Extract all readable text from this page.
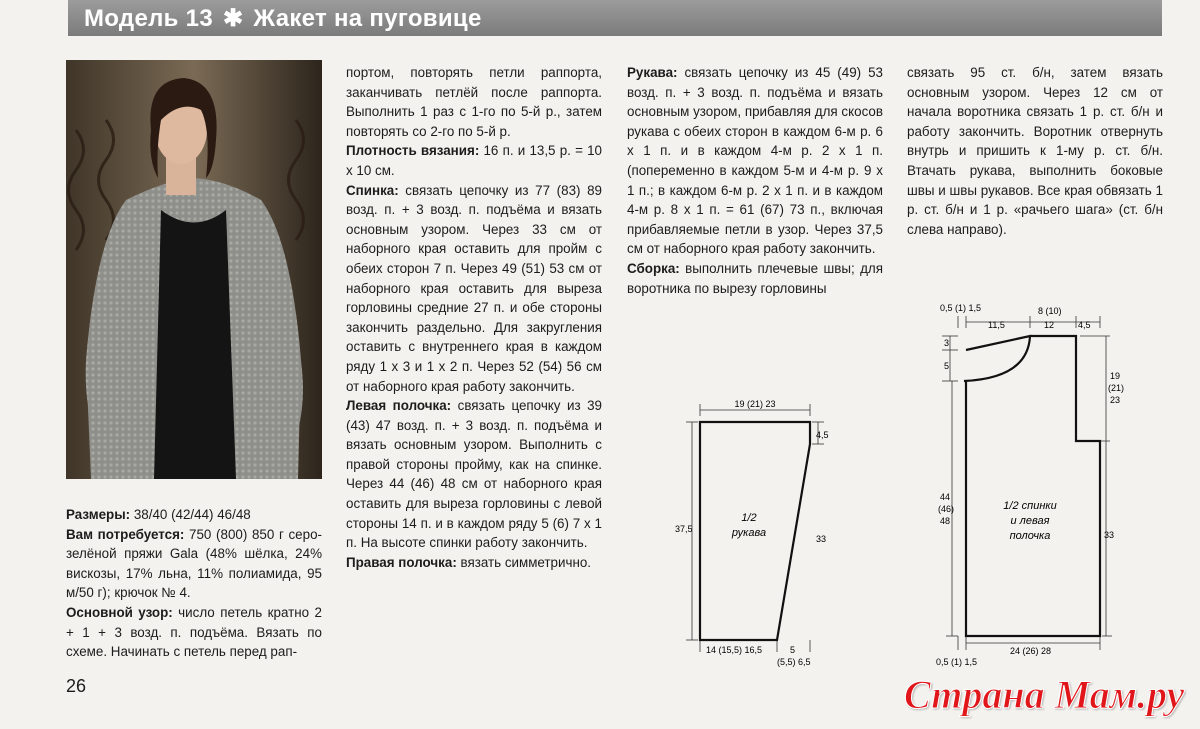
Модель 13 ✱ Жакет на пуговице

Размеры: 38/40 (42/44) 46/48

Вам потребуется: 750 (800) 850 г серо-зелёной пряжи Gala (48% шёлка, 24% вискозы, 17% льна, 11% полиамида, 95 м/50 г); крючок № 4.

Основной узор: число петель кратно 2 + 1 + 3 возд. п. подъёма. Вязать по схеме. Начинать с петель перед рап-

портом, повторять петли раппорта, заканчивать петлёй после раппорта. Выполнить 1 раз с 1-го по 5-й р., затем повторять со 2-го по 5-й р.

Плотность вязания: 16 п. и 13,5 р. = 10 х 10 см.

Спинка: связать цепочку из 77 (83) 89 возд. п. + 3 возд. п. подъёма и вязать основным узором. Через 33 см от наборного края оставить для пройм с обеих сторон 7 п. Через 49 (51) 53 см от наборного края оставить для выреза горловины средние 27 п. и обе стороны закончить раздельно. Для закругления оставить с внутреннего края в каждом ряду 1 х 3 и 1 х 2 п. Через 52 (54) 56 см от наборного края работу закончить.

Левая полочка: связать цепочку из 39 (43) 47 возд. п. + 3 возд. п. подъёма и вязать основным узором. Выполнить с правой стороны пройму, как на спинке. Через 44 (46) 48 см от наборного края оставить для выреза горловины с левой стороны 14 п. и в каждом ряду 5 (6) 7 х 1 п. На высоте спинки работу закончить.

Правая полочка: вязать симметрично.

Рукава: связать цепочку из 45 (49) 53 возд. п. + 3 возд. п. подъёма и вязать основным узором, прибавляя для скосов рукава с обеих сторон в каждом 6-м р. 6 х 1 п. и в каждом 4-м р. 2 х 1 п. (попеременно в каждом 5-м и 4-м р. 9 х 1 п.; в каждом 6-м р. 2 х 1 п. и в каждом 4-м р. 8 х 1 п. = 61 (67) 73 п., включая прибавляемые петли в узор. Через 37,5 см от наборного края работу закончить.

Сборка: выполнить плечевые швы; для воротника по вырезу горловины

связать 95 ст. б/н, затем вязать основным узором. Через 12 см от начала воротника связать 1 р. ст. б/н и работу закончить. Воротник отвернуть внутрь и пришить к 1-му р. ст. б/н. Втачать рукава, выполнить боковые швы и швы рукавов. Все края обвязать 1 р. ст. б/н и 1 р. «рачьего шага» (ст. б/н слева направо).

26
19 (21) 23
4,5
37,5
33
1/2
рукава
14 (15,5) 16,5	5
(5,5) 6,5
0,5 (1) 1,5
11,5
8 (10)
12	4,5
3
5
19
(21)
23
44
(46)
48
33
1/2 спинки
и левая
полочка
24 (26) 28
0,5 (1) 1,5
Страна Мам.ру
